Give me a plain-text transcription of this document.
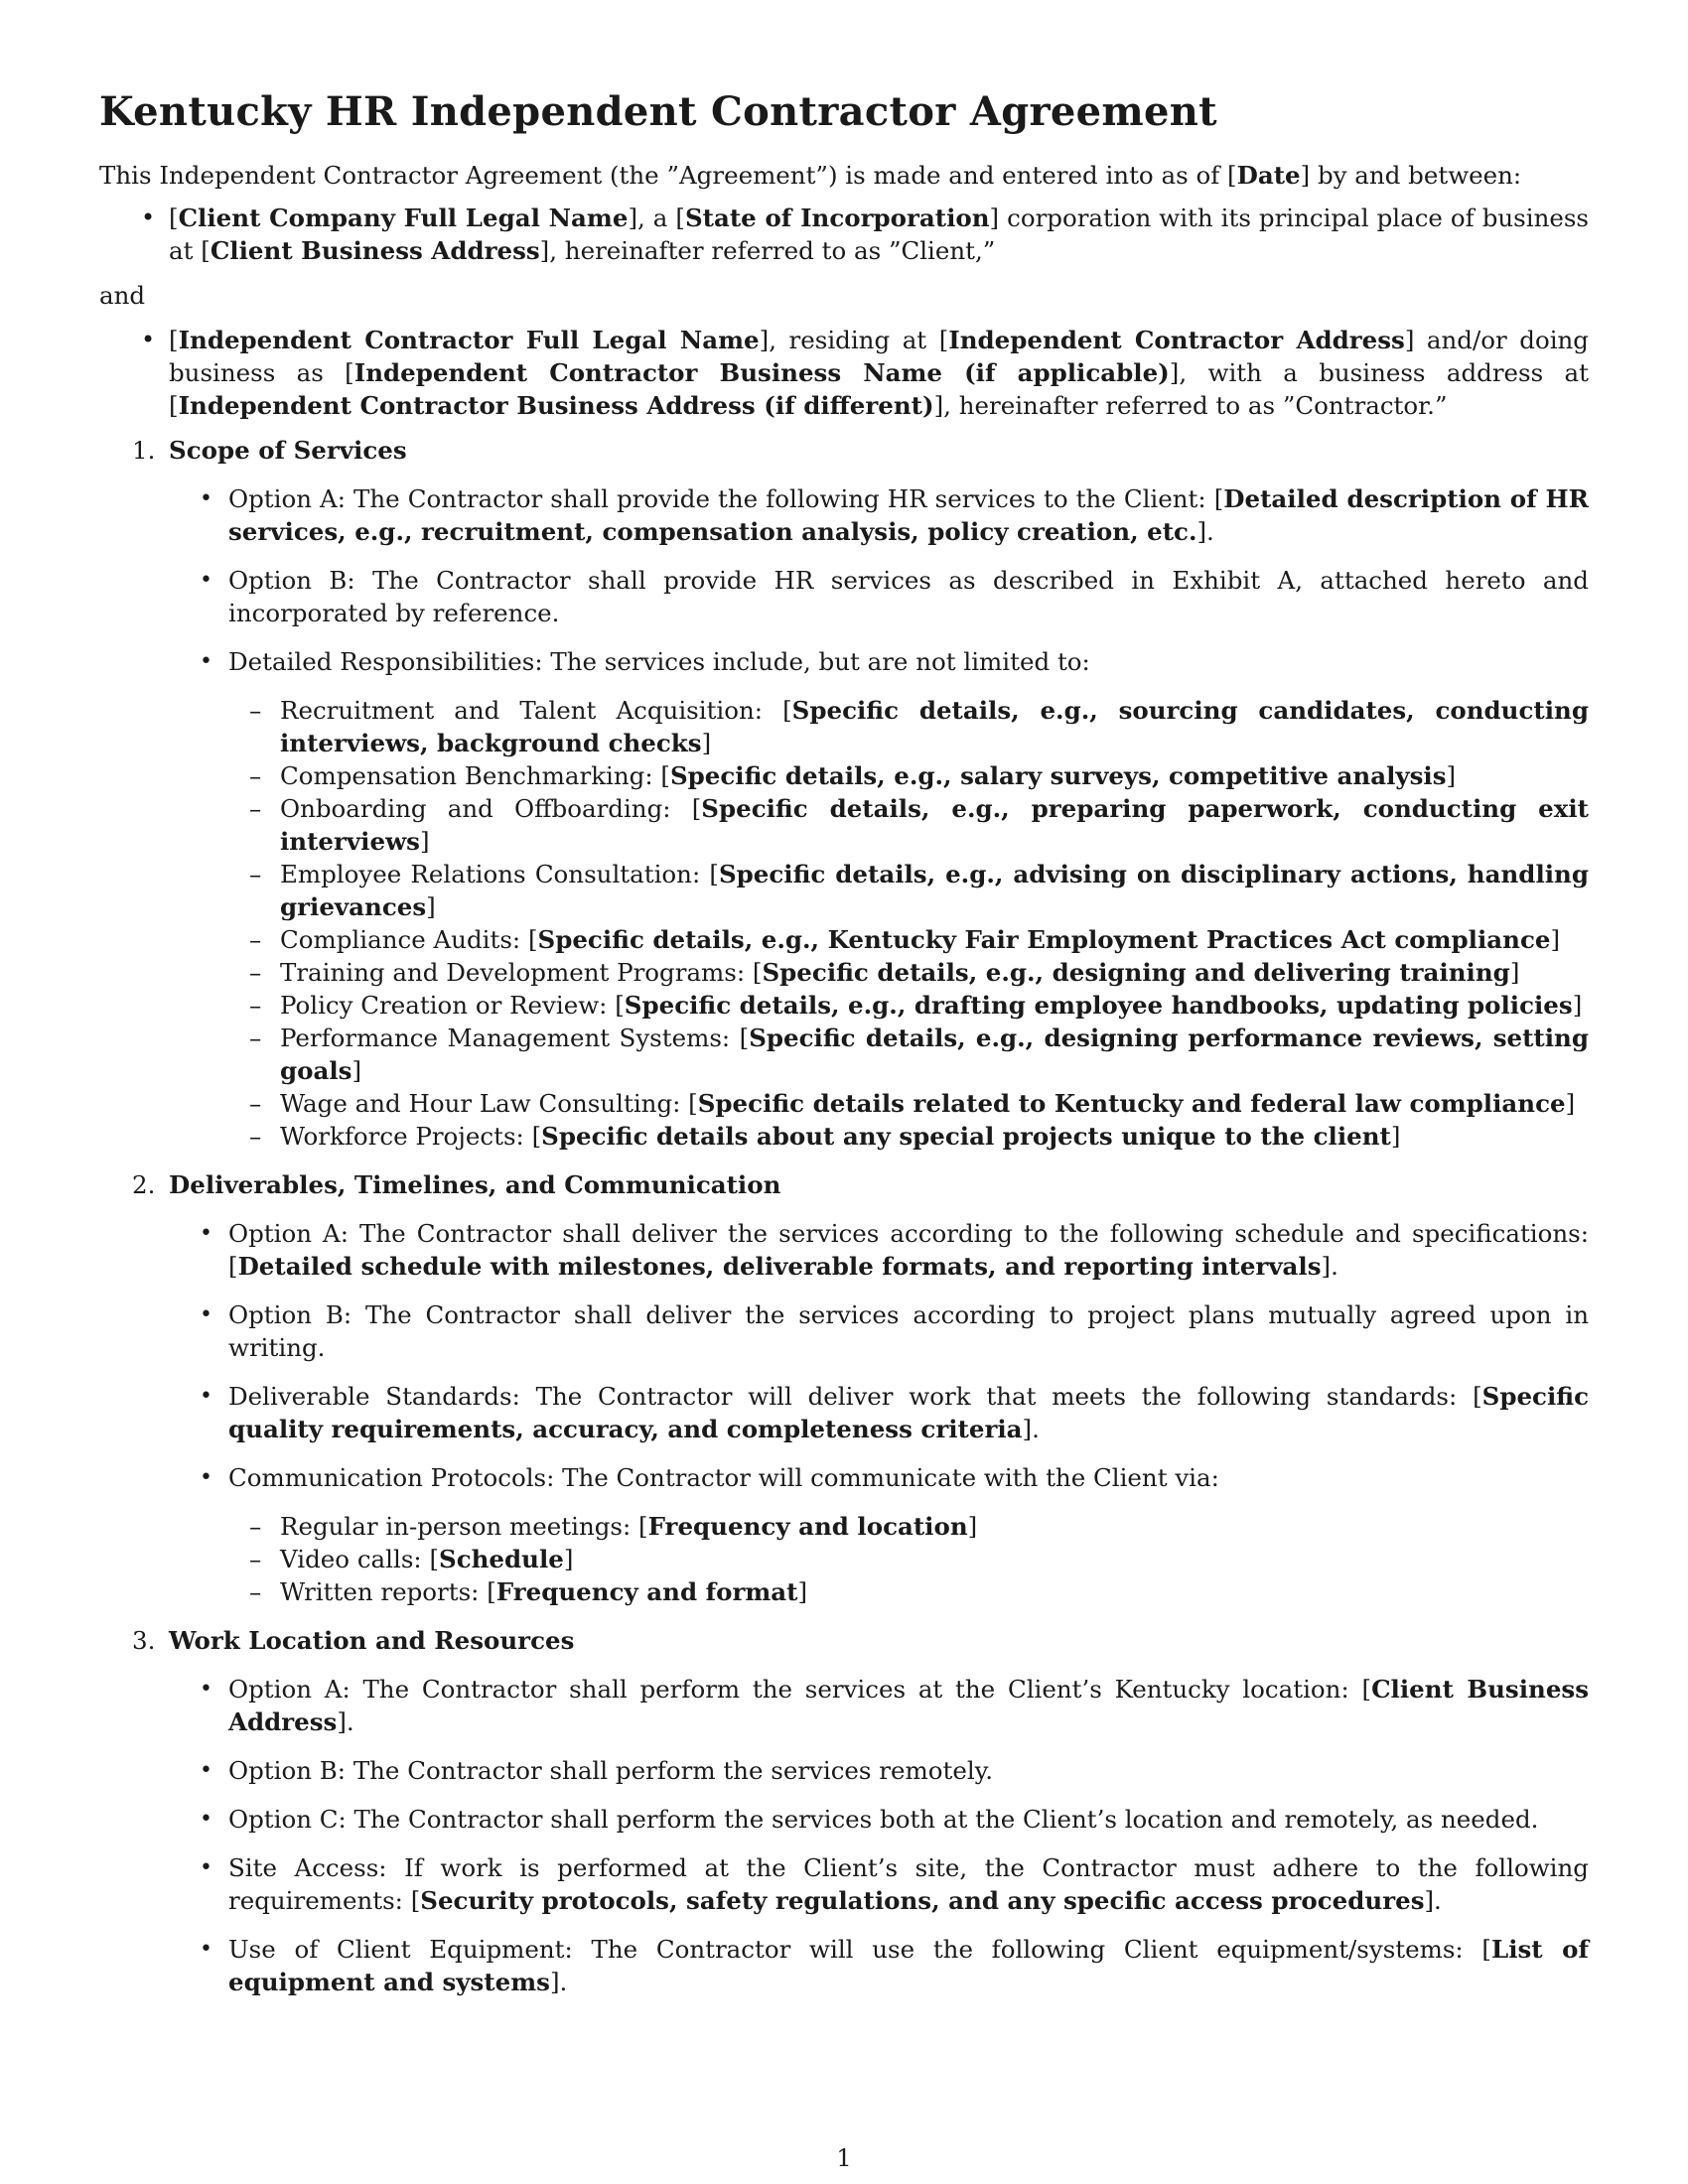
Kentucky HR Independent Contractor Agreement

This Independent Contractor Agreement (the ”Agreement”) is made and entered into as of [Date] by and between:

• [Client Company Full Legal Name], a [State of Incorporation] corporation with its principal place of business at [Client Business Address], hereinafter referred to as ”Client,”

and

• [Independent Contractor Full Legal Name], residing at [Independent Contractor Address] and/or doing business as [Independent Contractor Business Name (if applicable)], with a business address at [Independent Contractor Business Address (if different)], hereinafter referred to as ”Contractor.”
1. Scope of Services
• Option A: The Contractor shall provide the following HR services to the Client: [Detailed description of HR services, e.g., recruitment, compensation analysis, policy creation, etc.].
• Option B: The Contractor shall provide HR services as described in Exhibit A, attached hereto and incorporated by reference.
• Detailed Responsibilities: The services include, but are not limited to:
– Recruitment and Talent Acquisition: [Specific details, e.g., sourcing candidates, conducting interviews, background checks]
– Compensation Benchmarking: [Specific details, e.g., salary surveys, competitive analysis]
– Onboarding and Offboarding: [Specific details, e.g., preparing paperwork, conducting exit interviews]
– Employee Relations Consultation: [Specific details, e.g., advising on disciplinary actions, handling grievances]
– Compliance Audits: [Specific details, e.g., Kentucky Fair Employment Practices Act compliance]
– Training and Development Programs: [Specific details, e.g., designing and delivering training]
– Policy Creation or Review: [Specific details, e.g., drafting employee handbooks, updating policies]
– Performance Management Systems: [Specific details, e.g., designing performance reviews, setting goals]
– Wage and Hour Law Consulting: [Specific details related to Kentucky and federal law compliance]
– Workforce Projects: [Specific details about any special projects unique to the client]
2. Deliverables, Timelines, and Communication
• Option A: The Contractor shall deliver the services according to the following schedule and specifications: [Detailed schedule with milestones, deliverable formats, and reporting intervals].
• Option B: The Contractor shall deliver the services according to project plans mutually agreed upon in writing.
• Deliverable Standards: The Contractor will deliver work that meets the following standards: [Specific quality requirements, accuracy, and completeness criteria].
• Communication Protocols: The Contractor will communicate with the Client via:
– Regular in-person meetings: [Frequency and location]
– Video calls: [Schedule]
– Written reports: [Frequency and format]
3. Work Location and Resources
• Option A: The Contractor shall perform the services at the Client’s Kentucky location: [Client Business Address].
• Option B: The Contractor shall perform the services remotely.
• Option C: The Contractor shall perform the services both at the Client’s location and remotely, as needed.
• Site Access: If work is performed at the Client’s site, the Contractor must adhere to the following requirements: [Security protocols, safety regulations, and any specific access procedures].
• Use of Client Equipment: The Contractor will use the following Client equipment/systems: [List of equipment and systems].
1
